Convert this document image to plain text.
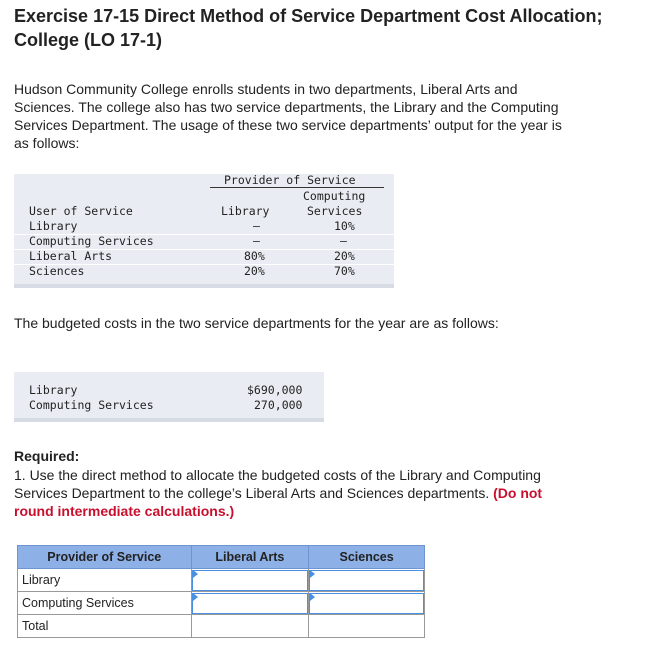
Exercise 17-15 Direct Method of Service Department Cost Allocation;
College (LO 17-1)
Hudson Community College enrolls students in two departments, Liberal Arts and
Sciences. The college also has two service departments, the Library and the Computing
Services Department. The usage of these two service departments’ output for the year is
as follows:
Provider of Service
Computing
User of Service	Library	Services
Library	–	10%
Computing Services	–	–
Liberal Arts	80%	20%
Sciences	20%	70%
The budgeted costs in the two service departments for the year are as follows:
Library	$690,000
Computing Services	270,000
Required:
1. Use the direct method to allocate the budgeted costs of the Library and Computing
Services Department to the college’s Liberal Arts and Sciences departments. (Do not
round intermediate calculations.)
Provider of Service	Liberal Arts	Sciences
Library	

Computing Services	

Total		
